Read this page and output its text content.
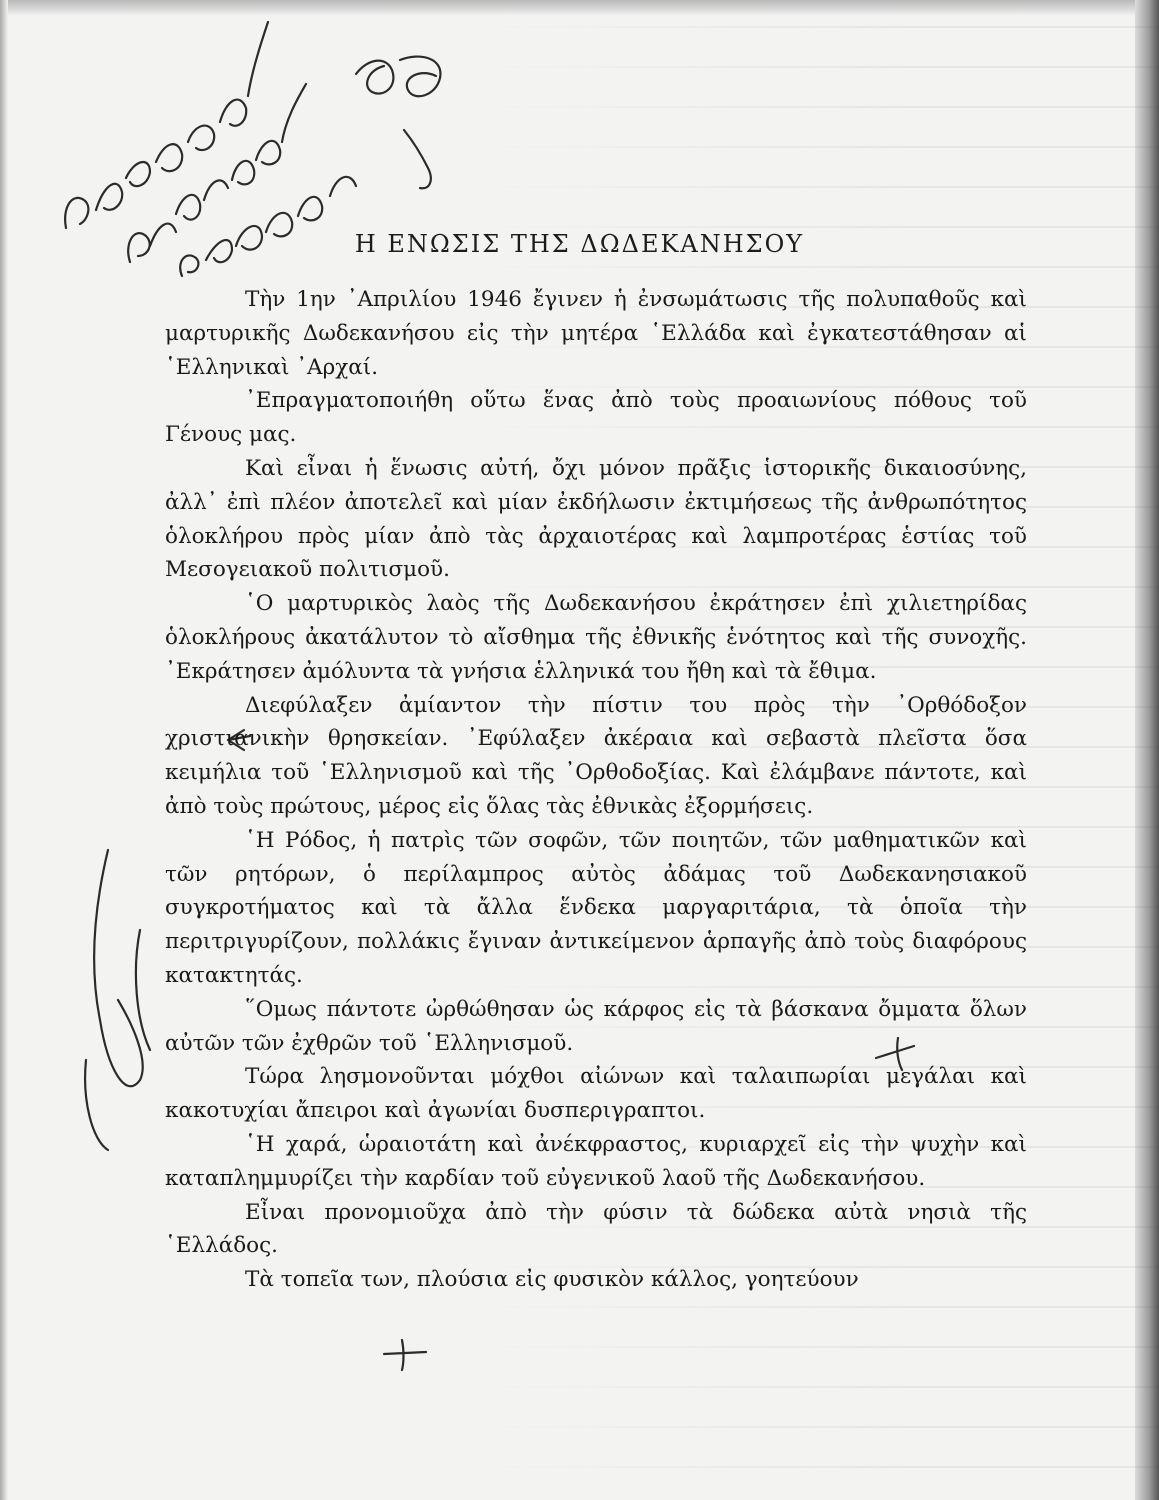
Η ΕΝΩΣΙΣ ΤΗΣ ΔΩΔΕΚΑΝΗΣΟΥ

Τὴν 1ην ᾿Απριλίου 1946 ἔγινεν ἡ ἐνσωμάτωσις τῆς πολυπαθοῦς καὶ μαρτυρικῆς Δωδεκανήσου εἰς τὴν μητέρα ῾Ελλάδα καὶ ἐγκατεστάθησαν αἱ ῾Ελληνικαὶ ᾿Αρχαί.

᾿Επραγματοποιήθη οὕτω ἕνας ἀπὸ τοὺς προαιωνίους πόθους τοῦ Γένους μας.

Καὶ εἶναι ἡ ἕνωσις αὐτή, ὄχι μόνον πρᾶξις ἱστορικῆς δικαιοσύνης, ἀλλ᾿ ἐπὶ πλέον ἀποτελεῖ καὶ μίαν ἐκδήλωσιν ἐκτιμήσεως τῆς ἀνθρωπότητος ὁλοκλήρου πρὸς μίαν ἀπὸ τὰς ἀρχαιοτέρας καὶ λαμπροτέρας ἑστίας τοῦ Μεσογειακοῦ πολιτισμοῦ.

῾Ο μαρτυρικὸς λαὸς τῆς Δωδεκανήσου ἐκράτησεν ἐπὶ χιλιετηρίδας ὁλοκλήρους ἀκατάλυτον τὸ αἴσθημα τῆς ἐθνικῆς ἑνότητος καὶ τῆς συνοχῆς. ᾿Εκράτησεν ἀμόλυντα τὰ γνήσια ἑλληνικά του ἤθη καὶ τὰ ἔθιμα.

Διεφύλαξεν ἀμίαντον τὴν πίστιν του πρὸς τὴν ᾿Ορθόδοξον χριστιανικὴν θρησκείαν. ᾿Εφύλαξεν ἀκέραια καὶ σεβαστὰ πλεῖστα ὅσα κειμήλια τοῦ ῾Ελληνισμοῦ καὶ τῆς ᾿Ορθοδοξίας. Καὶ ἐλάμβανε πάντοτε, καὶ ἀπὸ τοὺς πρώτους, μέρος εἰς ὅλας τὰς ἐθνικὰς ἐξορμήσεις.

῾Η Ρόδος, ἡ πατρὶς τῶν σοφῶν, τῶν ποιητῶν, τῶν μαθηματικῶν καὶ τῶν ρητόρων, ὁ περίλαμπρος αὐτὸς ἀδάμας τοῦ Δωδεκανησιακοῦ συγκροτήματος καὶ τὰ ἄλλα ἕνδεκα μαργαριτάρια, τὰ ὁποῖα τὴν περιτριγυρίζουν, πολλάκις ἔγιναν ἀντικείμενον ἁρπαγῆς ἀπὸ τοὺς διαφόρους κατακτητάς.

῞Ομως πάντοτε ὠρθώθησαν ὡς κάρφος εἰς τὰ βάσκανα ὄμματα ὅλων αὐτῶν τῶν ἐχθρῶν τοῦ ῾Ελληνισμοῦ.

Τώρα λησμονοῦνται μόχθοι αἰώνων καὶ ταλαιπωρίαι μεγάλαι καὶ κακοτυχίαι ἄπειροι καὶ ἀγωνίαι δυσπεριγραπτοι.

῾Η χαρά, ὡραιοτάτη καὶ ἀνέκφραστος, κυριαρχεῖ εἰς τὴν ψυχὴν καὶ καταπλημμυρίζει τὴν καρδίαν τοῦ εὐγενικοῦ λαοῦ τῆς Δωδεκανήσου.

Εἶναι προνομιοῦχα ἀπὸ τὴν φύσιν τὰ δώδεκα αὐτὰ νησιὰ τῆς ῾Ελλάδος.

Τὰ τοπεῖα των, πλούσια εἰς φυσικὸν κάλλος, γοητεύουν
